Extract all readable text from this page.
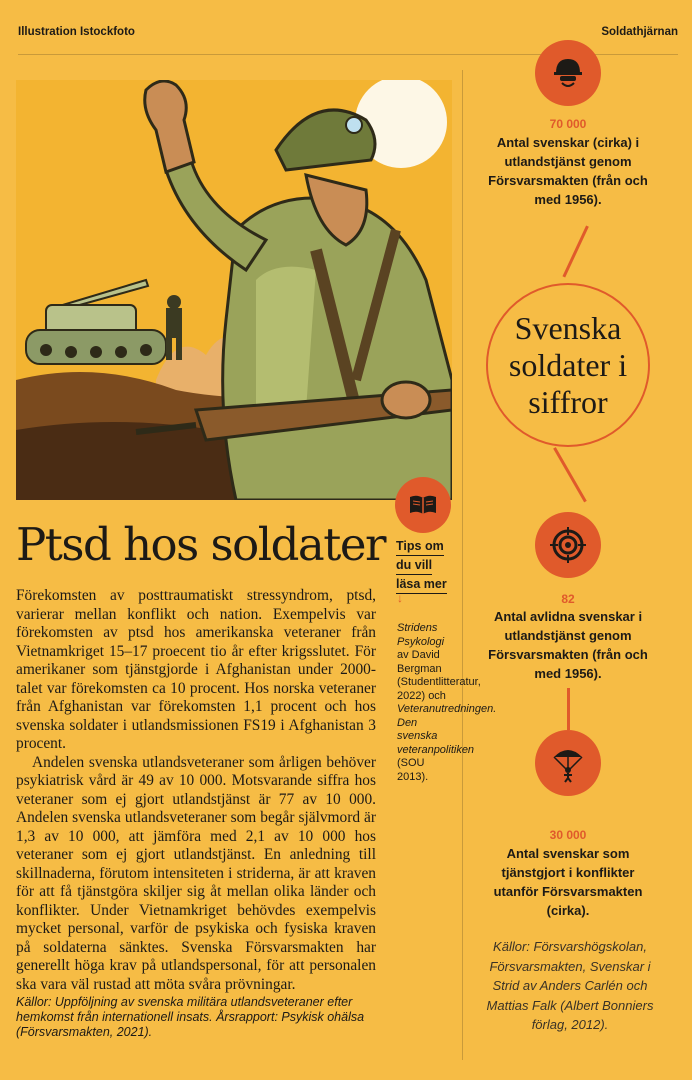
Illustration Istockfoto	Soldathjärnan
Ptsd hos soldater

Förekomsten av posttraumatiskt stressyndrom, ptsd, varierar mellan konflikt och nation. Exempelvis var förekomsten av ptsd hos amerikanska veteraner från Vietnamkriget 15–17 proecent tio år efter krigsslutet. För amerikaner som tjänstgjorde i Afghanistan under 2000-talet var förekomsten ca 10 procent. Hos norska veteraner från Afghanistan var förekomsten 1,1 procent och hos svenska soldater i utlandsmissionen FS19 i Afghanistan 3 procent.

Andelen svenska utlandsveteraner som årligen behöver psykiatrisk vård är 49 av 10 000. Motsvarande siffra hos veteraner som ej gjort utlandstjänst är 77 av 10 000. Andelen svenska utlandsveteraner som begår självmord är 1,3 av 10 000, att jämföra med 2,1 av 10 000 hos veteraner som ej gjort utlandstjänst. En anledning till skillnaderna, förutom intensiteten i striderna, är att kraven för att få tjänstgöra skiljer sig åt mellan olika länder och konflikter. Under Vietnamkriget behövdes exempelvis mycket personal, varför de psykiska och fysiska kraven på soldaterna sänktes. Svenska Försvarsmakten har generellt höga krav på utlandspersonal, för att personalen ska vara väl rustad att möta svåra prövningar.

Källor: Uppföljning av svenska militära utlandsveteraner efter hemkomst från internationell insats. Årsrapport: Psykisk ohälsa (Försvarsmakten, 2021).
Tips om
du vill
läsa mer
↓
Stridens Psykologi av David Bergman (Studentlitteratur, 2022) och Veteranutredningen. Den svenska veteranpolitiken (SOU 2013).
70 000
Antal svenskar (cirka) i utlandstjänst genom Försvarsmakten (från och med 1956).
Svenska soldater i siffror
82
Antal avlidna svenskar i utlandstjänst genom Försvarsmakten (från och med 1956).
30 000
Antal svenskar som tjänstgjort i konflikter utanför Försvarsmakten (cirka).
Källor: Försvarshögskolan, Försvarsmakten, Svenskar i Strid av Anders Carlén och Mattias Falk (Albert Bonniers förlag, 2012).
